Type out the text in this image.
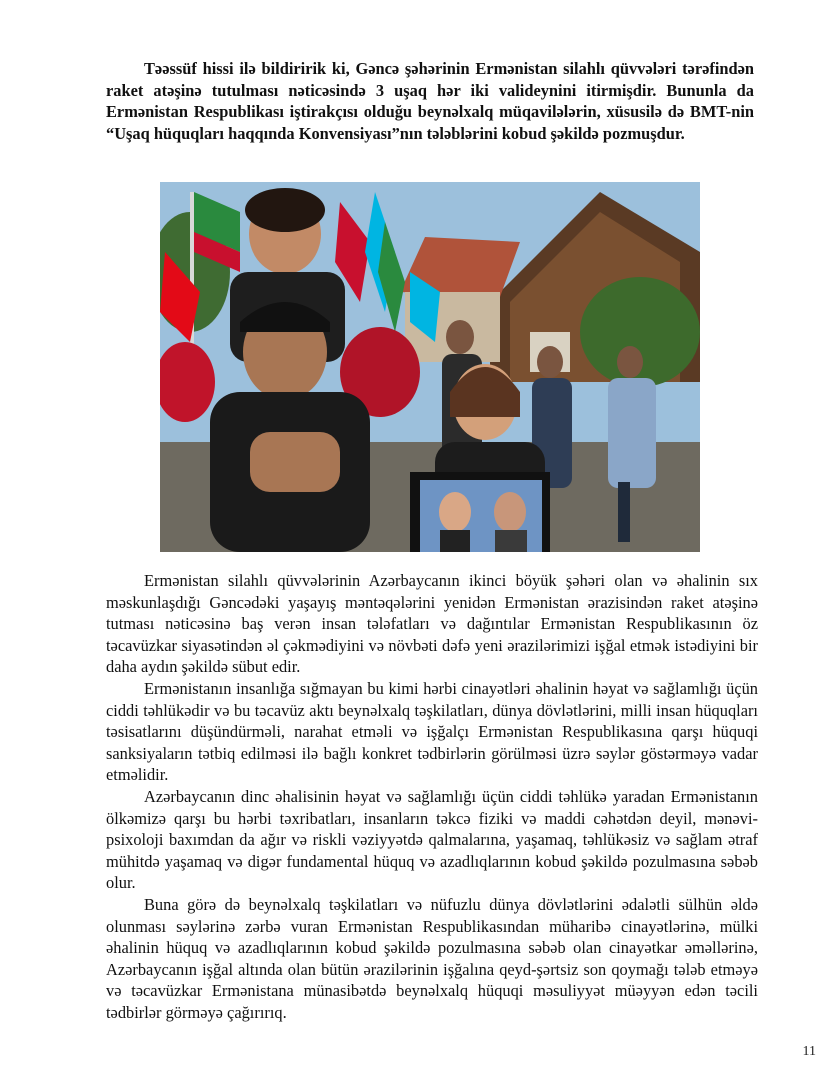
Təəssüf hissi ilə bildiririk ki, Gəncə şəhərinin Ermənistan silahlı qüvvələri tərəfindən raket atəşinə tutulması nəticəsində 3 uşaq hər iki valideynini itirmişdir. Bununla da Ermənistan Respublikası iştirakçısı olduğu beynəlxalq müqavilələrin, xüsusilə də BMT-nin “Uşaq hüquqları haqqında Konvensiyası”nın tələblərini kobud şəkildə pozmuşdur.

Ermənistan silahlı qüvvələrinin Azərbaycanın ikinci böyük şəhəri olan və əhalinin sıx məskunlaşdığı Gəncədəki yaşayış məntəqələrini yenidən Ermənistan ərazisindən raket atəşinə tutması nəticəsinə baş verən insan tələfatları və dağıntılar Ermənistan Respublikasının öz təcavüzkar siyasətindən əl çəkmədiyini və növbəti dəfə yeni ərazilərimizi işğal etmək istədiyini bir daha aydın şəkildə sübut edir.

Ermənistanın insanlığa sığmayan bu kimi hərbi cinayətləri əhalinin həyat və sağlamlığı üçün ciddi təhlükədir və bu təcavüz aktı beynəlxalq təşkilatları, dünya dövlətlərini, milli insan hüquqları təsisatlarını düşündürməli, narahat etməli və işğalçı Ermənistan Respublikasına qarşı hüquqi sanksiyaların tətbiq edilməsi ilə bağlı konkret tədbirlərin görülməsi üzrə səylər göstərməyə vadar etməlidir.

Azərbaycanın dinc əhalisinin həyat və sağlamlığı üçün ciddi təhlükə yaradan Ermənistanın ölkəmizə qarşı bu hərbi təxribatları, insanların təkcə fiziki və maddi cəhətdən deyil, mənəvi-psixoloji baxımdan da ağır və riskli vəziyyətdə qalmalarına, yaşamaq, təhlükəsiz və sağlam ətraf mühitdə yaşamaq və digər fundamental hüquq və azadlıqlarının kobud şəkildə pozulmasına səbəb olur.

Buna görə də beynəlxalq təşkilatları və nüfuzlu dünya dövlətlərini ədalətli sülhün əldə olunması səylərinə zərbə vuran Ermənistan Respublikasından müharibə cinayətlərinə, mülki əhalinin hüquq və azadlıqlarının kobud şəkildə pozulmasına səbəb olan cinayətkar əməllərinə, Azərbaycanın işğal altında olan bütün ərazilərinin işğalına qeyd-şərtsiz son qoymağı tələb etməyə və təcavüzkar Ermənistana münasibətdə beynəlxalq hüquqi məsuliyyət müəyyən edən təcili tədbirlər görməyə çağırırıq.

11
